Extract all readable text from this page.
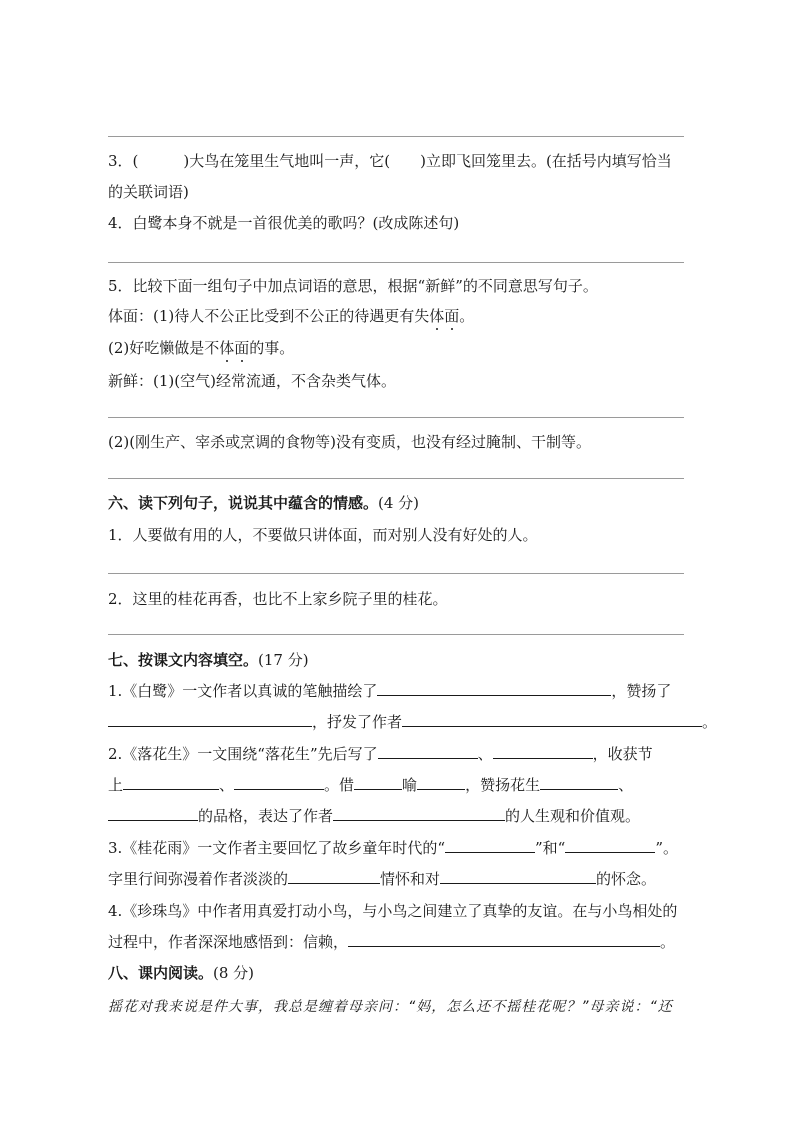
3．(　　　)大鸟在笼里生气地叫一声，它(　　)立即飞回笼里去。(在括号内填写恰当
的关联词语)
4．白鹭本身不就是一首很优美的歌吗？(改成陈述句)
5．比较下面一组句子中加点词语的意思，根据“新鲜”的不同意思写句子。
体面：(1)待人不公正比受到不公正的待遇更有失体面。
(2)好吃懒做是不体面的事。
新鲜：(1)(空气)经常流通，不含杂类气体。
(2)(刚生产、宰杀或烹调的食物等)没有变质，也没有经过腌制、干制等。
六、读下列句子，说说其中蕴含的情感。(4 分)
1．人要做有用的人，不要做只讲体面，而对别人没有好处的人。
2．这里的桂花再香，也比不上家乡院子里的桂花。
七、按课文内容填空。(17 分)
1.《白鹭》一文作者以真诚的笔触描绘了	，赞扬了
，抒发了作者	。
2.《落花生》一文围绕“落花生”先后写了	、	，收获节
上	、	。借	喻	，赞扬花生	、
的品格，表达了作者	的人生观和价值观。
3.《桂花雨》一文作者主要回忆了故乡童年时代的“	”和“	”。
字里行间弥漫着作者淡淡的	情怀和对	的怀念。
4.《珍珠鸟》中作者用真爱打动小鸟，与小鸟之间建立了真挚的友谊。在与小鸟相处的
过程中，作者深深地感悟到：信赖，	。
八、课内阅读。(8 分)
摇花对我来说是件大事，我总是缠着母亲问：“妈，怎么还不摇桂花呢？”母亲说：“还
